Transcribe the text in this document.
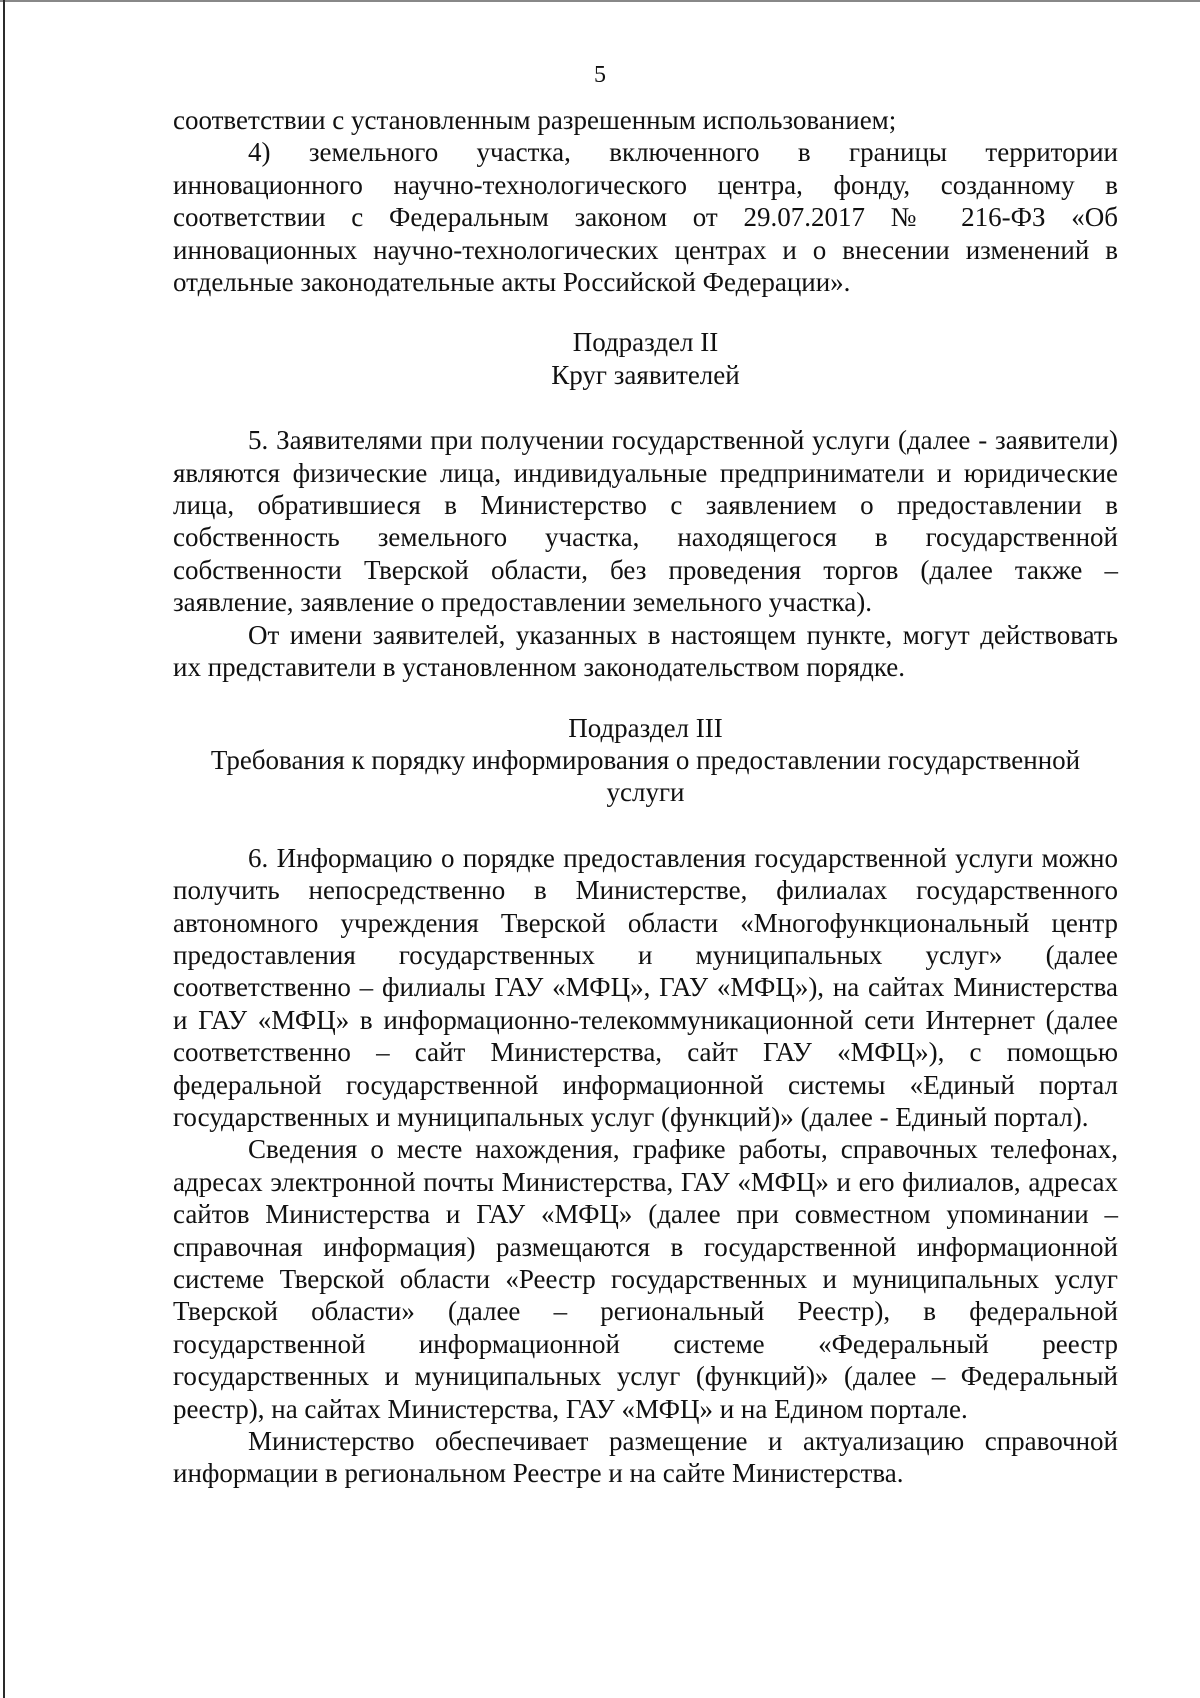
5

соответствии с установленным разрешенным использованием;

4) земельного участка, включенного в границы территории инновационного научно-технологического центра, фонду, созданному в соответствии с Федеральным законом от 29.07.2017 № 216-ФЗ «Об инновационных научно-технологических центрах и о внесении изменений в отдельные законодательные акты Российской Федерации».

Подраздел II
Круг заявителей

5. Заявителями при получении государственной услуги (далее - заявители) являются физические лица, индивидуальные предприниматели и юридические лица, обратившиеся в Министерство с заявлением о предоставлении в собственность земельного участка, находящегося в государственной собственности Тверской области, без проведения торгов (далее также – заявление, заявление о предоставлении земельного участка).

От имени заявителей, указанных в настоящем пункте, могут действовать их представители в установленном законодательством порядке.

Подраздел III
Требования к порядку информирования о предоставлении государственной
услуги

6. Информацию о порядке предоставления государственной услуги можно получить непосредственно в Министерстве, филиалах государственного автономного учреждения Тверской области «Многофункциональный центр предоставления государственных и муниципальных услуг» (далее соответственно – филиалы ГАУ «МФЦ», ГАУ «МФЦ»), на сайтах Министерства и ГАУ «МФЦ» в информационно-телекоммуникационной сети Интернет (далее соответственно – сайт Министерства, сайт ГАУ «МФЦ»), с помощью федеральной государственной информационной системы «Единый портал государственных и муниципальных услуг (функций)» (далее - Единый портал).

Сведения о месте нахождения, графике работы, справочных телефонах, адресах электронной почты Министерства, ГАУ «МФЦ» и его филиалов, адресах сайтов Министерства и ГАУ «МФЦ» (далее при совместном упоминании – справочная информация) размещаются в государственной информационной системе Тверской области «Реестр государственных и муниципальных услуг Тверской области» (далее – региональный Реестр), в федеральной государственной информационной системе «Федеральный реестр государственных и муниципальных услуг (функций)» (далее – Федеральный реестр), на сайтах Министерства, ГАУ «МФЦ» и на Едином портале.

Министерство обеспечивает размещение и актуализацию справочной информации в региональном Реестре и на сайте Министерства.
